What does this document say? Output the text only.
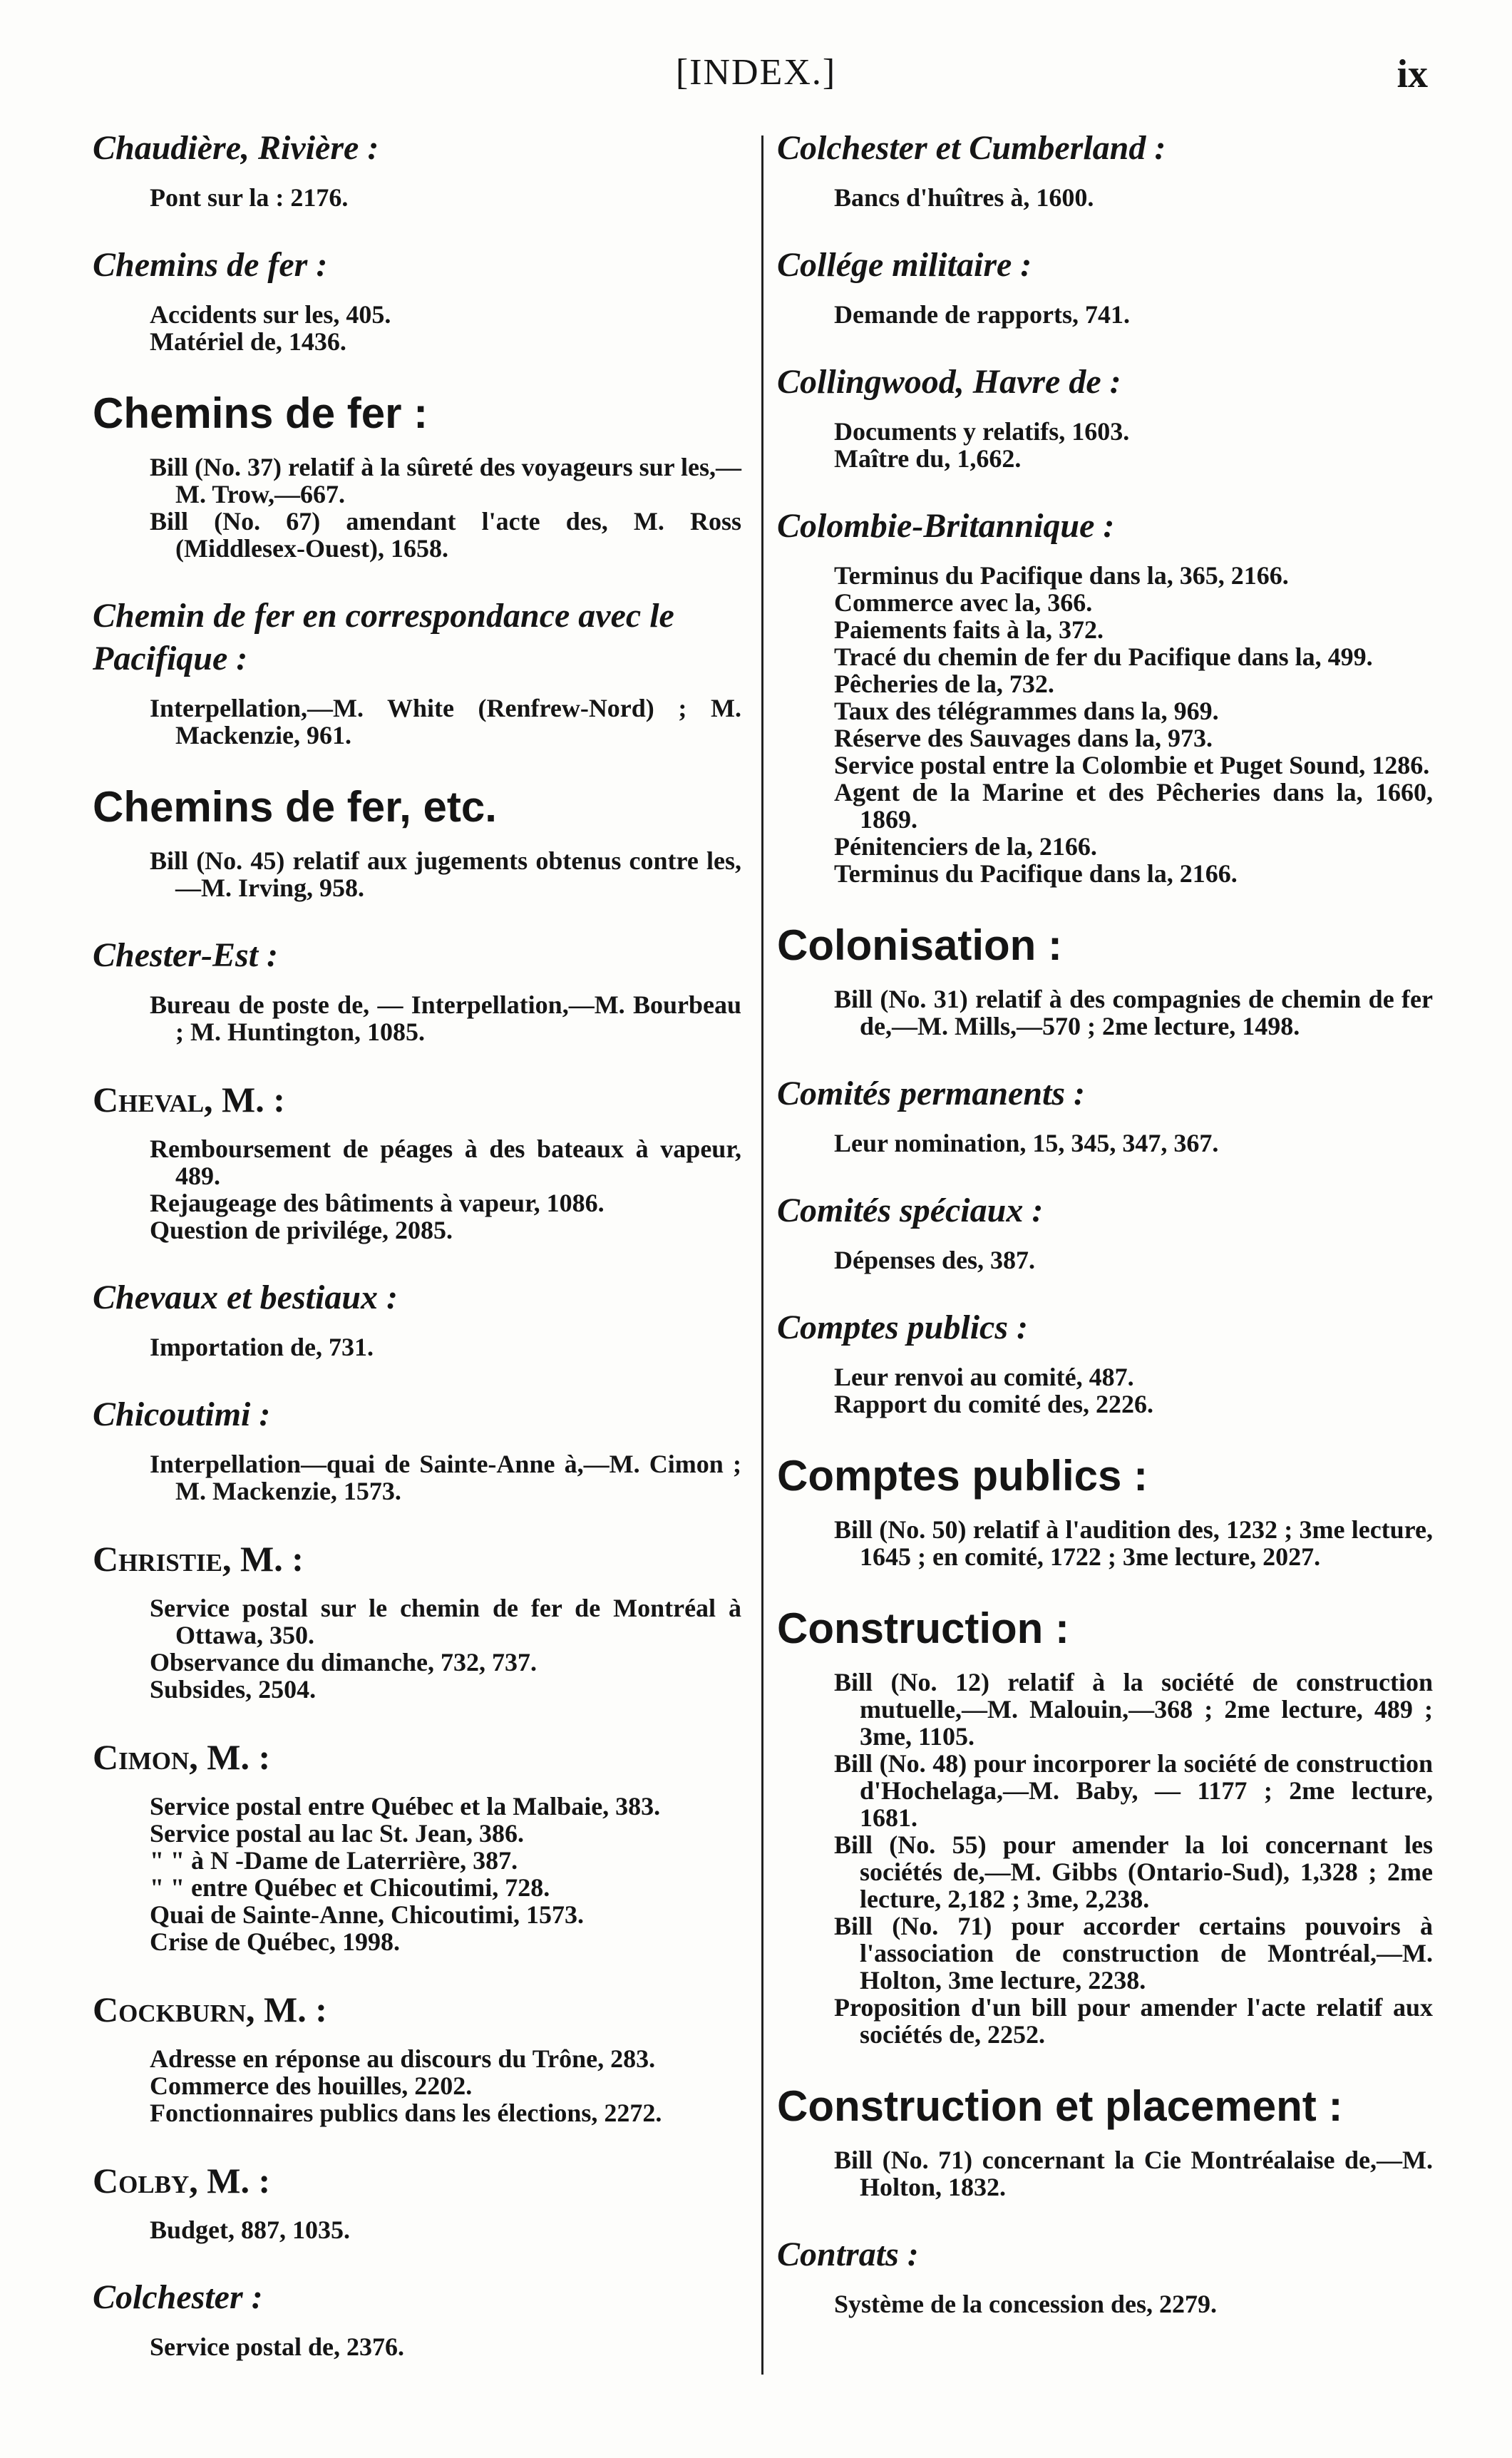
[INDEX.]	ix
Chaudière, Rivière :
Pont sur la : 2176.
Chemins de fer :
Accidents sur les, 405.
Matériel de, 1436.
Chemins de fer :
Bill (No. 37) relatif à la sûreté des voyageurs sur les,—M. Trow,—667.
Bill (No. 67) amendant l'acte des, M. Ross (Middlesex-Ouest), 1658.
Chemin de fer en correspondance avec le Pacifique :
Interpellation,—M. White (Renfrew-Nord) ; M. Mackenzie, 961.
Chemins de fer, etc.
Bill (No. 45) relatif aux jugements obtenus contre les,—M. Irving, 958.
Chester-Est :
Bureau de poste de, — Interpellation,—M. Bourbeau ; M. Huntington, 1085.
Cheval, M. :
Remboursement de péages à des bateaux à vapeur, 489.
Rejaugeage des bâtiments à vapeur, 1086.
Question de privilége, 2085.
Chevaux et bestiaux :
Importation de, 731.
Chicoutimi :
Interpellation—quai de Sainte-Anne à,—M. Cimon ; M. Mackenzie, 1573.
Christie, M. :
Service postal sur le chemin de fer de Montréal à Ottawa, 350.
Observance du dimanche, 732, 737.
Subsides, 2504.
Cimon, M. :
Service postal entre Québec et la Malbaie, 383.
Service postal au lac St. Jean, 386.
" " à N -Dame de Laterrière, 387.
" " entre Québec et Chicoutimi, 728.
Quai de Sainte-Anne, Chicoutimi, 1573.
Crise de Québec, 1998.
Cockburn, M. :
Adresse en réponse au discours du Trône, 283.
Commerce des houilles, 2202.
Fonctionnaires publics dans les élections, 2272.
Colby, M. :
Budget, 887, 1035.
Colchester :
Service postal de, 2376.
Colchester et Cumberland :
Bancs d'huîtres à, 1600.
Collége militaire :
Demande de rapports, 741.
Collingwood, Havre de :
Documents y relatifs, 1603.
Maître du, 1,662.
Colombie-Britannique :
Terminus du Pacifique dans la, 365, 2166.
Commerce avec la, 366.
Paiements faits à la, 372.
Tracé du chemin de fer du Pacifique dans la, 499.
Pêcheries de la, 732.
Taux des télégrammes dans la, 969.
Réserve des Sauvages dans la, 973.
Service postal entre la Colombie et Puget Sound, 1286.
Agent de la Marine et des Pêcheries dans la, 1660, 1869.
Pénitenciers de la, 2166.
Terminus du Pacifique dans la, 2166.
Colonisation :
Bill (No. 31) relatif à des compagnies de chemin de fer de,—M. Mills,—570 ; 2me lecture, 1498.
Comités permanents :
Leur nomination, 15, 345, 347, 367.
Comités spéciaux :
Dépenses des, 387.
Comptes publics :
Leur renvoi au comité, 487.
Rapport du comité des, 2226.
Comptes publics :
Bill (No. 50) relatif à l'audition des, 1232 ; 3me lecture, 1645 ; en comité, 1722 ; 3me lecture, 2027.
Construction :
Bill (No. 12) relatif à la société de construction mutuelle,—M. Malouin,—368 ; 2me lecture, 489 ; 3me, 1105.
Bill (No. 48) pour incorporer la société de construction d'Hochelaga,—M. Baby, — 1177 ; 2me lecture, 1681.
Bill (No. 55) pour amender la loi concernant les sociétés de,—M. Gibbs (Ontario-Sud), 1,328 ; 2me lecture, 2,182 ; 3me, 2,238.
Bill (No. 71) pour accorder certains pouvoirs à l'association de construction de Montréal,—M. Holton, 3me lecture, 2238.
Proposition d'un bill pour amender l'acte relatif aux sociétés de, 2252.
Construction et placement :
Bill (No. 71) concernant la Cie Montréalaise de,—M. Holton, 1832.
Contrats :
Système de la concession des, 2279.
